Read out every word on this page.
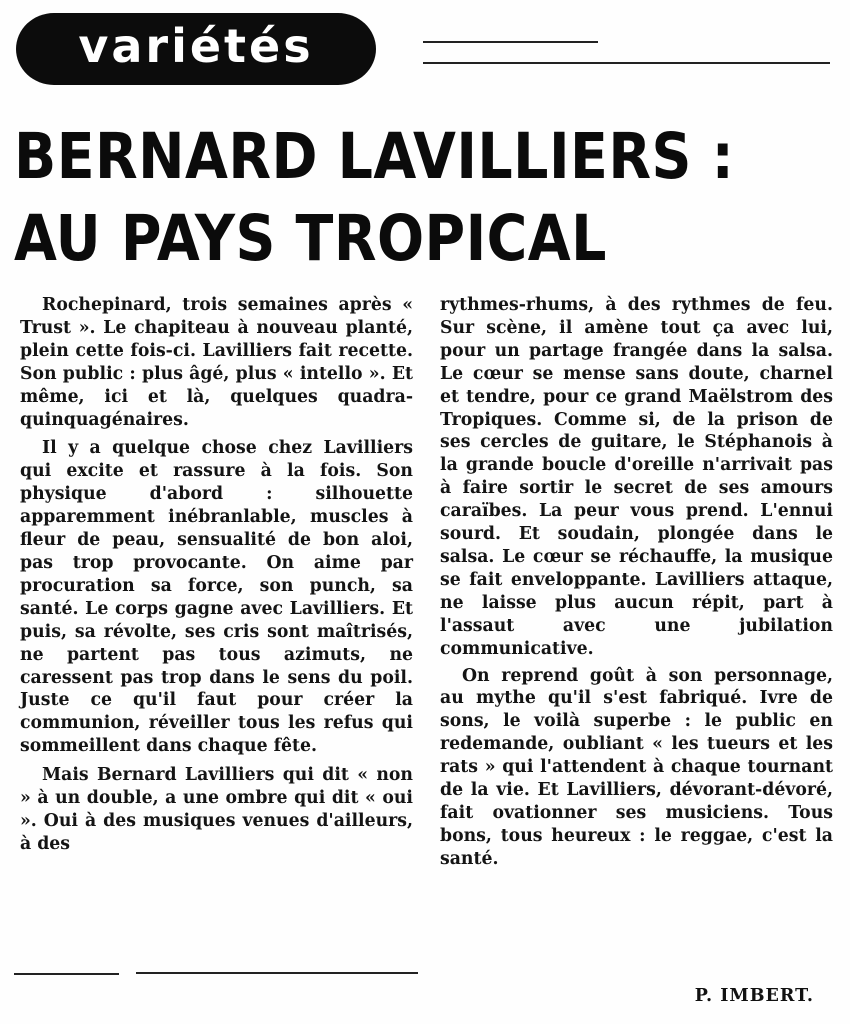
variétés
BERNARD LAVILLIERS :
AU PAYS TROPICAL

Rochepinard, trois semaines après « Trust ». Le chapiteau à nouveau planté, plein cette fois-ci. Lavilliers fait recette. Son public : plus âgé, plus « intello ». Et même, ici et là, quelques quadra-quinquagénaires.

Il y a quelque chose chez Lavilliers qui excite et rassure à la fois. Son physique d'abord : silhouette apparemment inébranlable, muscles à fleur de peau, sensualité de bon aloi, pas trop provocante. On aime par procuration sa force, son punch, sa santé. Le corps gagne avec Lavilliers. Et puis, sa révolte, ses cris sont maîtrisés, ne partent pas tous azimuts, ne caressent pas trop dans le sens du poil. Juste ce qu'il faut pour créer la communion, réveiller tous les refus qui sommeillent dans chaque fête.

Mais Bernard Lavilliers qui dit « non » à un double, a une ombre qui dit « oui ». Oui à des musiques venues d'ailleurs, à des

rythmes-rhums, à des rythmes de feu. Sur scène, il amène tout ça avec lui, pour un partage frangée dans la salsa. Le cœur se mense sans doute, charnel et tendre, pour ce grand Maëlstrom des Tropiques. Comme si, de la prison de ses cercles de guitare, le Stéphanois à la grande boucle d'oreille n'arrivait pas à faire sortir le secret de ses amours caraïbes. La peur vous prend. L'ennui sourd. Et soudain, plongée dans le salsa. Le cœur se réchauffe, la musique se fait enveloppante. Lavilliers attaque, ne laisse plus aucun répit, part à l'assaut avec une jubilation communicative.

On reprend goût à son personnage, au mythe qu'il s'est fabriqué. Ivre de sons, le voilà superbe : le public en redemande, oubliant « les tueurs et les rats » qui l'attendent à chaque tournant de la vie. Et Lavilliers, dévorant-dévoré, fait ovationner ses musiciens. Tous bons, tous heureux : le reggae, c'est la santé.

P. IMBERT.
